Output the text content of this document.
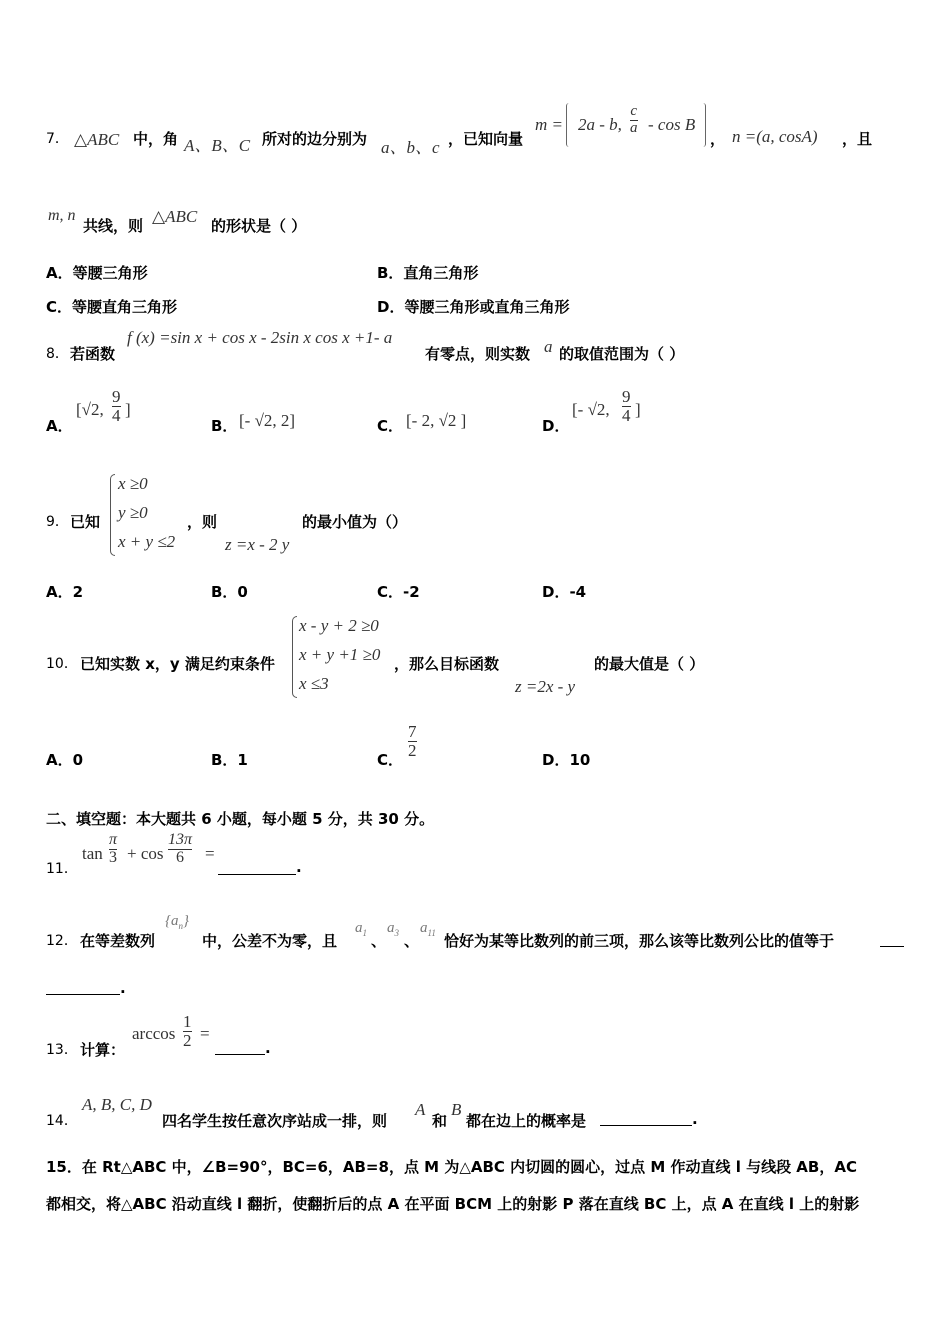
7． △ABC 中，角 A、B、C 所对的边分别为 a、b、c ，已知向量
m = 2a - b, $\frac{c}{a}$ - cos B
， n =(a, cosA) ，且
m, n
共线，则 △ABC 的形状是（ ）
A．等腰三角形	B．直角三角形
C．等腰直角三角形	D．等腰三角形或直角三角形
8． 若函数
f (x) =sin x + cos x - 2sin x cos x +1- a
有零点，则实数 a 的取值范围为（ ）
A．
[√2, $\frac{9}{4}$ ]
B． [- √2, 2]	C． [- 2, √2 ]	D．
[- √2, $\frac{9}{4}$ ]
9． 已知
x ≥0
y ≥0
x + y ≤2
，则
z =x - 2 y
的最小值为（）
A．2	B．0	C．-2	D．-4
10． 已知实数 x，y 满足约束条件
x - y + 2 ≥0
x + y +1 ≥0
x ≤3
，那么目标函数
z =2x - y
的最大值是（ ）
A．0	B．1	C．
$\frac{7}{2}$
D．10
二、填空题：本大题共 6 小题，每小题 5 分，共 30 分。
11．
$\tan \frac{\pi}{3} + \cos \frac{13\pi}{6}$ =
.
12． 在等差数列
$\{a_n\}$
中，公差不为零，且
$a_1$ 、
$a_3$ 、
$a_{11}$ 恰好为某等比数列的前三项，那么该等比数列公比的值等于
.
13． 计算：
$\arccos \frac{1}{2}$ =
.
14．
A, B, C, D
四名学生按任意次序站成一排，则
A
和
B
都在边上的概率是	.
15．在 Rt△ABC 中，∠B=90°，BC=6，AB=8，点 M 为△ABC 内切圆的圆心，过点 M 作动直线 l 与线段 AB，AC
都相交，将△ABC 沿动直线 l 翻折，使翻折后的点 A 在平面 BCM 上的射影 P 落在直线 BC 上，点 A 在直线 l 上的射影
